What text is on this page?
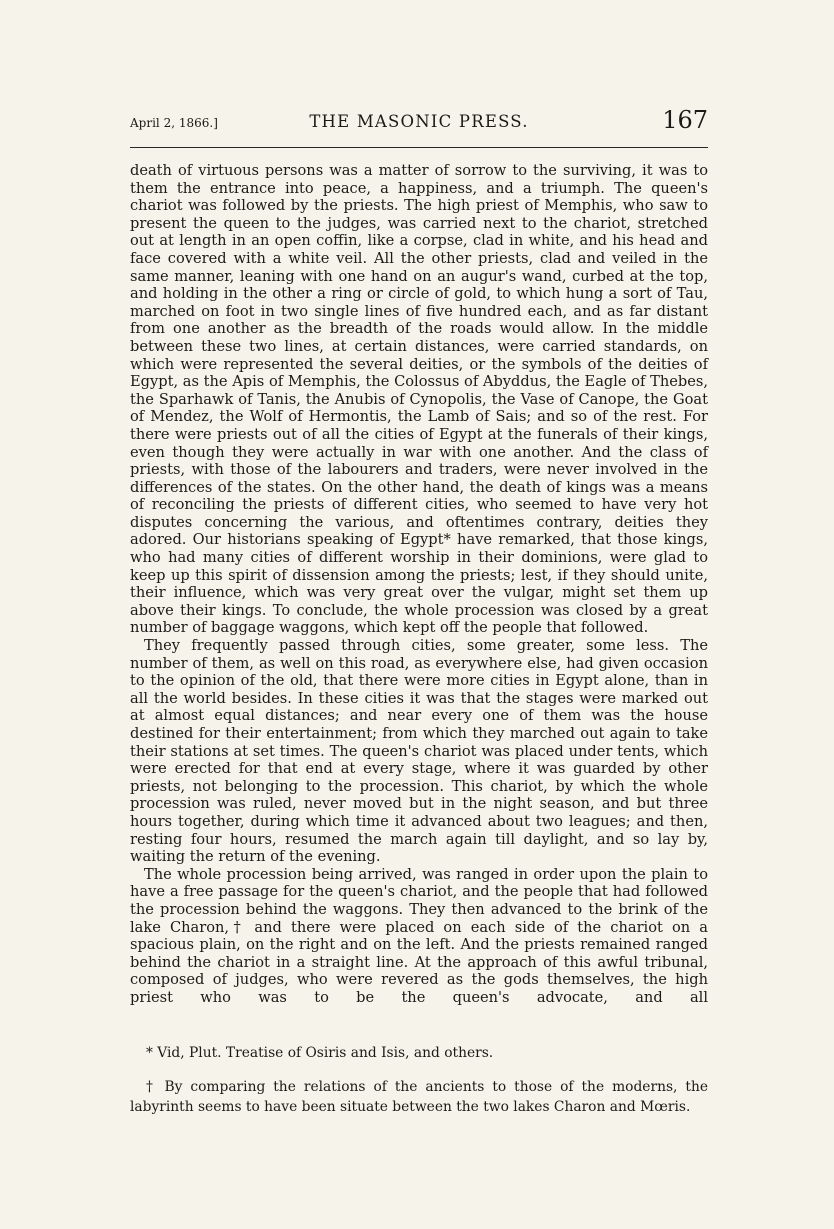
April 2, 1866.]	THE MASONIC PRESS.	167

death of virtuous persons was a matter of sorrow to the surviving, it was to them the entrance into peace, a happiness, and a triumph. The queen's chariot was followed by the priests. The high priest of Memphis, who saw to present the queen to the judges, was carried next to the chariot, stretched out at length in an open coffin, like a corpse, clad in white, and his head and face covered with a white veil. All the other priests, clad and veiled in the same manner, leaning with one hand on an augur's wand, curbed at the top, and holding in the other a ring or circle of gold, to which hung a sort of Tau, marched on foot in two single lines of five hundred each, and as far distant from one another as the breadth of the roads would allow. In the middle between these two lines, at certain distances, were carried standards, on which were represented the several deities, or the symbols of the deities of Egypt, as the Apis of Memphis, the Colossus of Abyddus, the Eagle of Thebes, the Sparhawk of Tanis, the Anubis of Cynopolis, the Vase of Canope, the Goat of Mendez, the Wolf of Hermontis, the Lamb of Sais; and so of the rest. For there were priests out of all the cities of Egypt at the funerals of their kings, even though they were actually in war with one another. And the class of priests, with those of the labourers and traders, were never involved in the differences of the states. On the other hand, the death of kings was a means of reconciling the priests of different cities, who seemed to have very hot disputes concerning the various, and oftentimes contrary, deities they adored. Our historians speaking of Egypt* have remarked, that those kings, who had many cities of different worship in their dominions, were glad to keep up this spirit of dissension among the priests; lest, if they should unite, their influence, which was very great over the vulgar, might set them up above their kings. To conclude, the whole procession was closed by a great number of baggage waggons, which kept off the people that followed.

They frequently passed through cities, some greater, some less. The number of them, as well on this road, as everywhere else, had given occasion to the opinion of the old, that there were more cities in Egypt alone, than in all the world besides. In these cities it was that the stages were marked out at almost equal distances; and near every one of them was the house destined for their entertainment; from which they marched out again to take their stations at set times. The queen's chariot was placed under tents, which were erected for that end at every stage, where it was guarded by other priests, not belonging to the procession. This chariot, by which the whole procession was ruled, never moved but in the night season, and but three hours together, during which time it advanced about two leagues; and then, resting four hours, resumed the march again till daylight, and so lay by, waiting the return of the evening.

The whole procession being arrived, was ranged in order upon the plain to have a free passage for the queen's chariot, and the people that had followed the procession behind the waggons. They then advanced to the brink of the lake Charon,† and there were placed on each side of the chariot on a spacious plain, on the right and on the left. And the priests remained ranged behind the chariot in a straight line. At the approach of this awful tribunal, composed of judges, who were revered as the gods themselves, the high priest who was to be the queen's advocate, and all

* Vid, Plut. Treatise of Osiris and Isis, and others.

† By comparing the relations of the ancients to those of the moderns, the labyrinth seems to have been situate between the two lakes Charon and Mœris.
